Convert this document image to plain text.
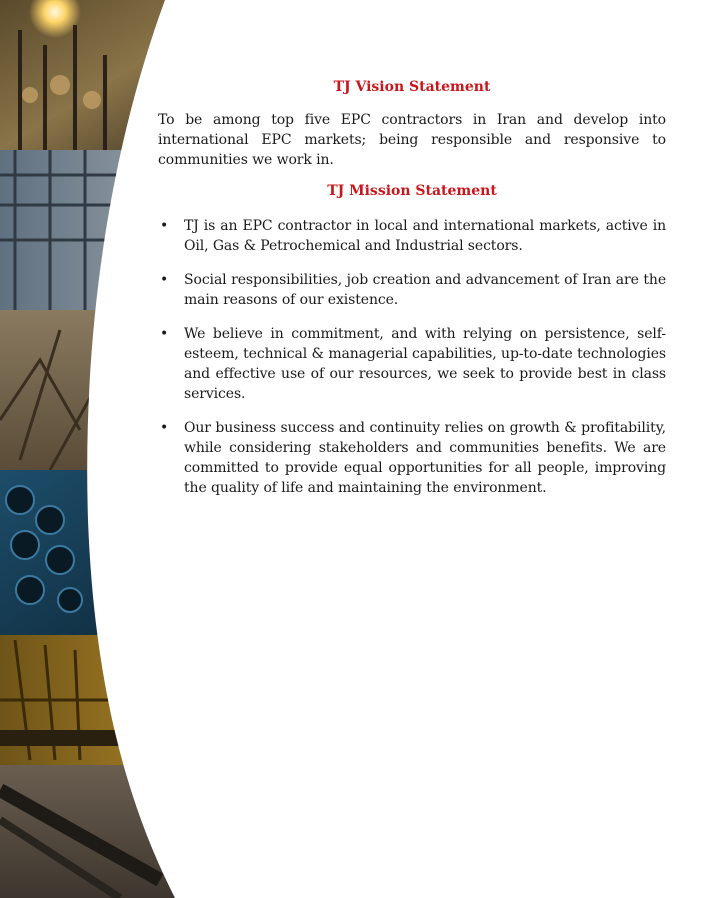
TJ Vision Statement

To be among top five EPC contractors in Iran and develop into international EPC markets; being responsible and responsive to communities we work in.

TJ Mission Statement
• TJ is an EPC contractor in local and international markets, active in Oil, Gas & Petrochemical and Industrial sectors.
• Social responsibilities, job creation and advancement of Iran are the main reasons of our existence.
• We believe in commitment, and with relying on persistence, self-esteem, technical & managerial capabilities, up-to-date technologies and effective use of our resources, we seek to provide best in class services.
• Our business success and continuity relies on growth & profitability, while considering stakeholders and communities benefits. We are committed to provide equal opportunities for all people, improving the quality of life and maintaining the environment.
